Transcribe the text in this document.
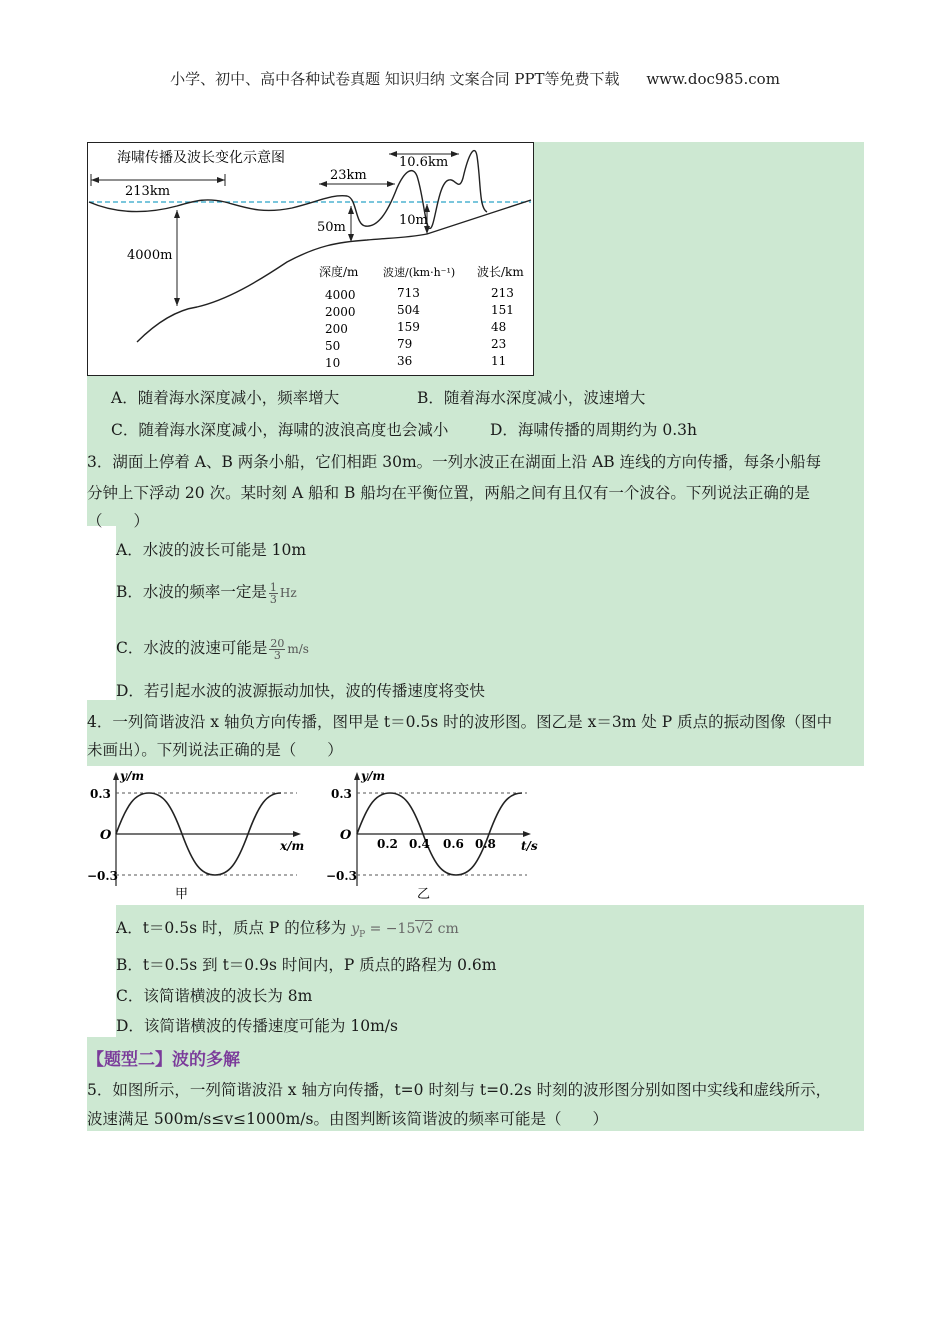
小学、初中、高中各种试卷真题 知识归纳 文案合同 PPT等免费下载 www.doc985.com
海啸传播及波长变化示意图
213km
23km
10.6km
4000m
50m	10m
深度/m 波速/(km·h⁻¹) 波长/km
4000	713	213
2000	504	151
200	159	48
50	79	23
10	36	11
A．随着海水深度减小，频率增大	B．随着海水深度减小，波速增大
C．随着海水深度减小，海啸的波浪高度也会减小	D．海啸传播的周期约为 0.3h
3．湖面上停着 A、B 两条小船，它们相距 30m。一列水波正在湖面上沿 AB 连线的方向传播，每条小船每
分钟上下浮动 20 次。某时刻 A 船和 B 船均在平衡位置，两船之间有且仅有一个波谷。下列说法正确的是
（　　）
A．水波的波长可能是 10m
B．水波的频率一定是 $\frac{1}{3}$ Hz
C．水波的波速可能是 $\frac{20}{3} m/s$
D．若引起水波的波源振动加快，波的传播速度将变快
4．一列简谐波沿 x 轴负方向传播，图甲是 t＝0.5s 时的波形图。图乙是 x＝3m 处 P 质点的振动图像（图中
未画出）。下列说法正确的是（　　）
y/m
0.3
O
−0.3
x/m
甲
y/m
0.3
O
−0.3
t/s
0.2 0.4 0.6 0.8
乙
A．t＝0.5s 时，质点 P 的位移为 $y_P = -15√2$ cm
B．t＝0.5s 到 t＝0.9s 时间内，P 质点的路程为 0.6m
C．该简谐横波的波长为 8m
D．该简谐横波的传播速度可能为 10m/s
【题型二】波的多解
5．如图所示，一列简谐波沿 x 轴方向传播，t=0 时刻与 t=0.2s 时刻的波形图分别如图中实线和虚线所示，
波速满足 500m/s≤v≤1000m/s。由图判断该简谐波的频率可能是（　　）
